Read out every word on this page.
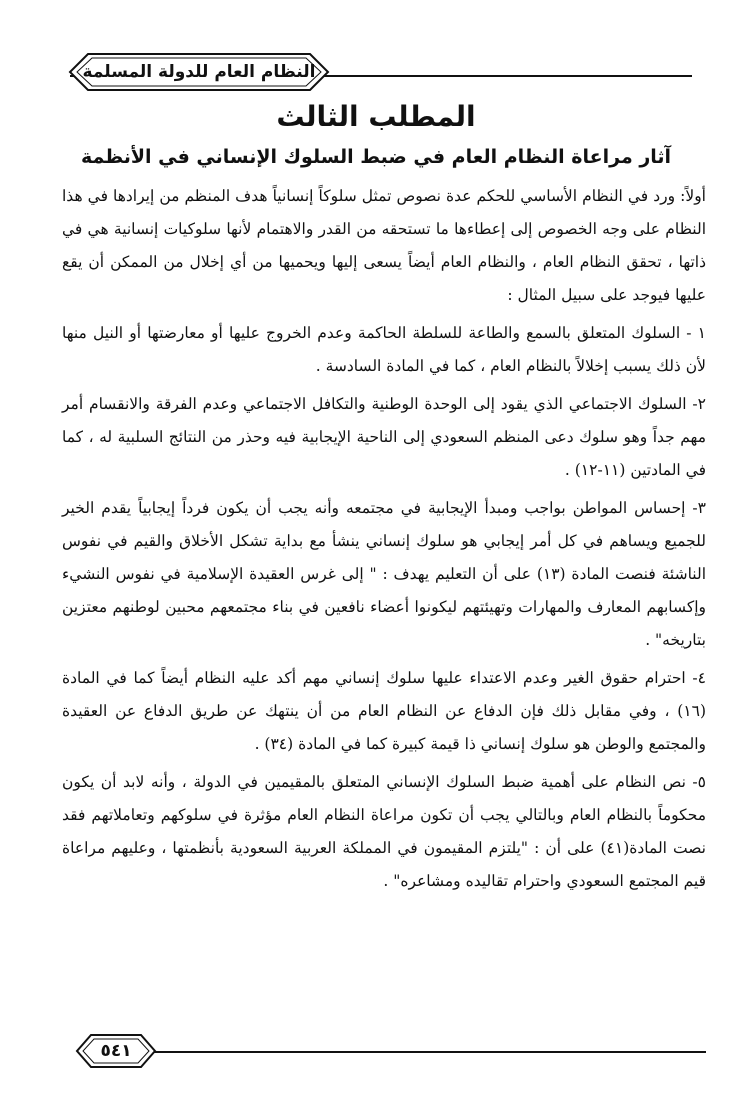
النظام العام للدولة المسلمة
المطلب الثالث
آثار مراعاة النظام العام في ضبط السلوك الإنساني في الأنظمة

أولاً: ورد في النظام الأساسي للحكم عدة نصوص تمثل سلوكاً إنسانياً هدف المنظم من إيرادها في هذا النظام على وجه الخصوص إلى إعطاءها ما تستحقه من القدر والاهتمام لأنها سلوكيات إنسانية هي في ذاتها ، تحقق النظام العام ، والنظام العام أيضاً يسعى إليها ويحميها من أي إخلال من الممكن أن يقع عليها فيوجد على سبيل المثال :

١ - السلوك المتعلق بالسمع والطاعة للسلطة الحاكمة وعدم الخروج عليها أو معارضتها أو النيل منها لأن ذلك يسبب إخلالاً بالنظام العام ، كما في المادة السادسة .

٢- السلوك الاجتماعي الذي يقود إلى الوحدة الوطنية والتكافل الاجتماعي وعدم الفرقة والانقسام أمر مهم جداً وهو سلوك دعى المنظم السعودي إلى الناحية الإيجابية فيه وحذر من النتائج السلبية له ، كما في المادتين (١١-١٢) .

٣- إحساس المواطن بواجب ومبدأ الإيجابية في مجتمعه وأنه يجب أن يكون فرداً إيجابياً يقدم الخير للجميع ويساهم في كل أمر إيجابي هو سلوك إنساني ينشأ مع بداية تشكل الأخلاق والقيم في نفوس الناشئة فنصت المادة (١٣) على أن التعليم يهدف : " إلى غرس العقيدة الإسلامية في نفوس النشيء وإكسابهم المعارف والمهارات وتهيئتهم ليكونوا أعضاء نافعين في بناء مجتمعهم محبين لوطنهم معتزين بتاريخه" .

٤- احترام حقوق الغير وعدم الاعتداء عليها سلوك إنساني مهم أكد عليه النظام أيضاً كما في المادة (١٦) ، وفي مقابل ذلك فإن الدفاع عن النظام العام من أن ينتهك عن طريق الدفاع عن العقيدة والمجتمع والوطن هو سلوك إنساني ذا قيمة كبيرة كما في المادة (٣٤) .

٥- نص النظام على أهمية ضبط السلوك الإنساني المتعلق بالمقيمين في الدولة ، وأنه لابد أن يكون محكوماً بالنظام العام وبالتالي يجب أن تكون مراعاة النظام العام مؤثرة في سلوكهم وتعاملاتهم فقد نصت المادة(٤١) على أن : "يلتزم المقيمون في المملكة العربية السعودية بأنظمتها ، وعليهم مراعاة قيم المجتمع السعودي واحترام تقاليده ومشاعره" .

٥٤١
